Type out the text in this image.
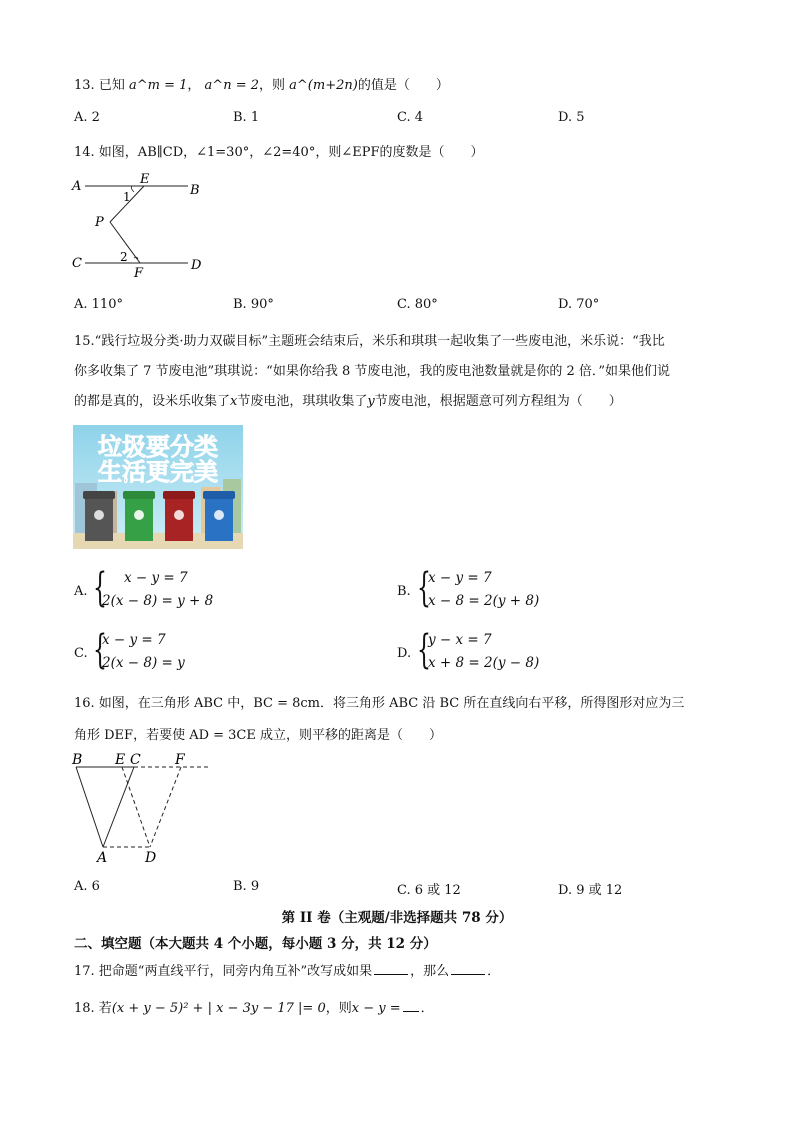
13. 已知 a^m = 1， a^n = 2，则 a^(m+2n)的值是（　　）
A. 2	B. 1	C. 4	D. 5
14. 如图，AB∥CD，∠1=30°，∠2=40°，则∠EPF的度数是（　　）
A	E
B
1
P
2
C
F
D
A. 110°	B. 90°	C. 80°	D. 70°
15.“践行垃圾分类·助力双碳目标”主题班会结束后，米乐和琪琪一起收集了一些废电池，米乐说：“我比
你多收集了 7 节废电池”琪琪说：“如果你给我 8 节废电池，我的废电池数量就是你的 2 倍．”如果他们说
的都是真的，设米乐收集了x节废电池，琪琪收集了y节废电池，根据题意可列方程组为（　　）
垃圾要分类
生活更完美
A. { x − y = 7
2(x − 8) = y + 8
B. {
x − y = 7
x − 8 = 2(y + 8)
C. {
x − y = 7
2(x − 8) = y
D. {
y − x = 7
x + 8 = 2(y − 8)
16. 如图，在三角形 ABC 中，BC = 8cm．将三角形 ABC 沿 BC 所在直线向右平移，所得图形对应为三
角形 DEF，若要使 AD = 3CE 成立，则平移的距离是（　　）
B E C F
A	D
A. 6	B. 9	C. 6 或 12	D. 9 或 12
第 II 卷（主观题/非选择题共 78 分）
二、填空题（本大题共 4 个小题，每小题 3 分，共 12 分）
17. 把命题“两直线平行，同旁内角互补”改写成如果	，那么	．
18. 若(x + y − 5)² + | x − 3y − 17 |= 0，则x − y = ．
